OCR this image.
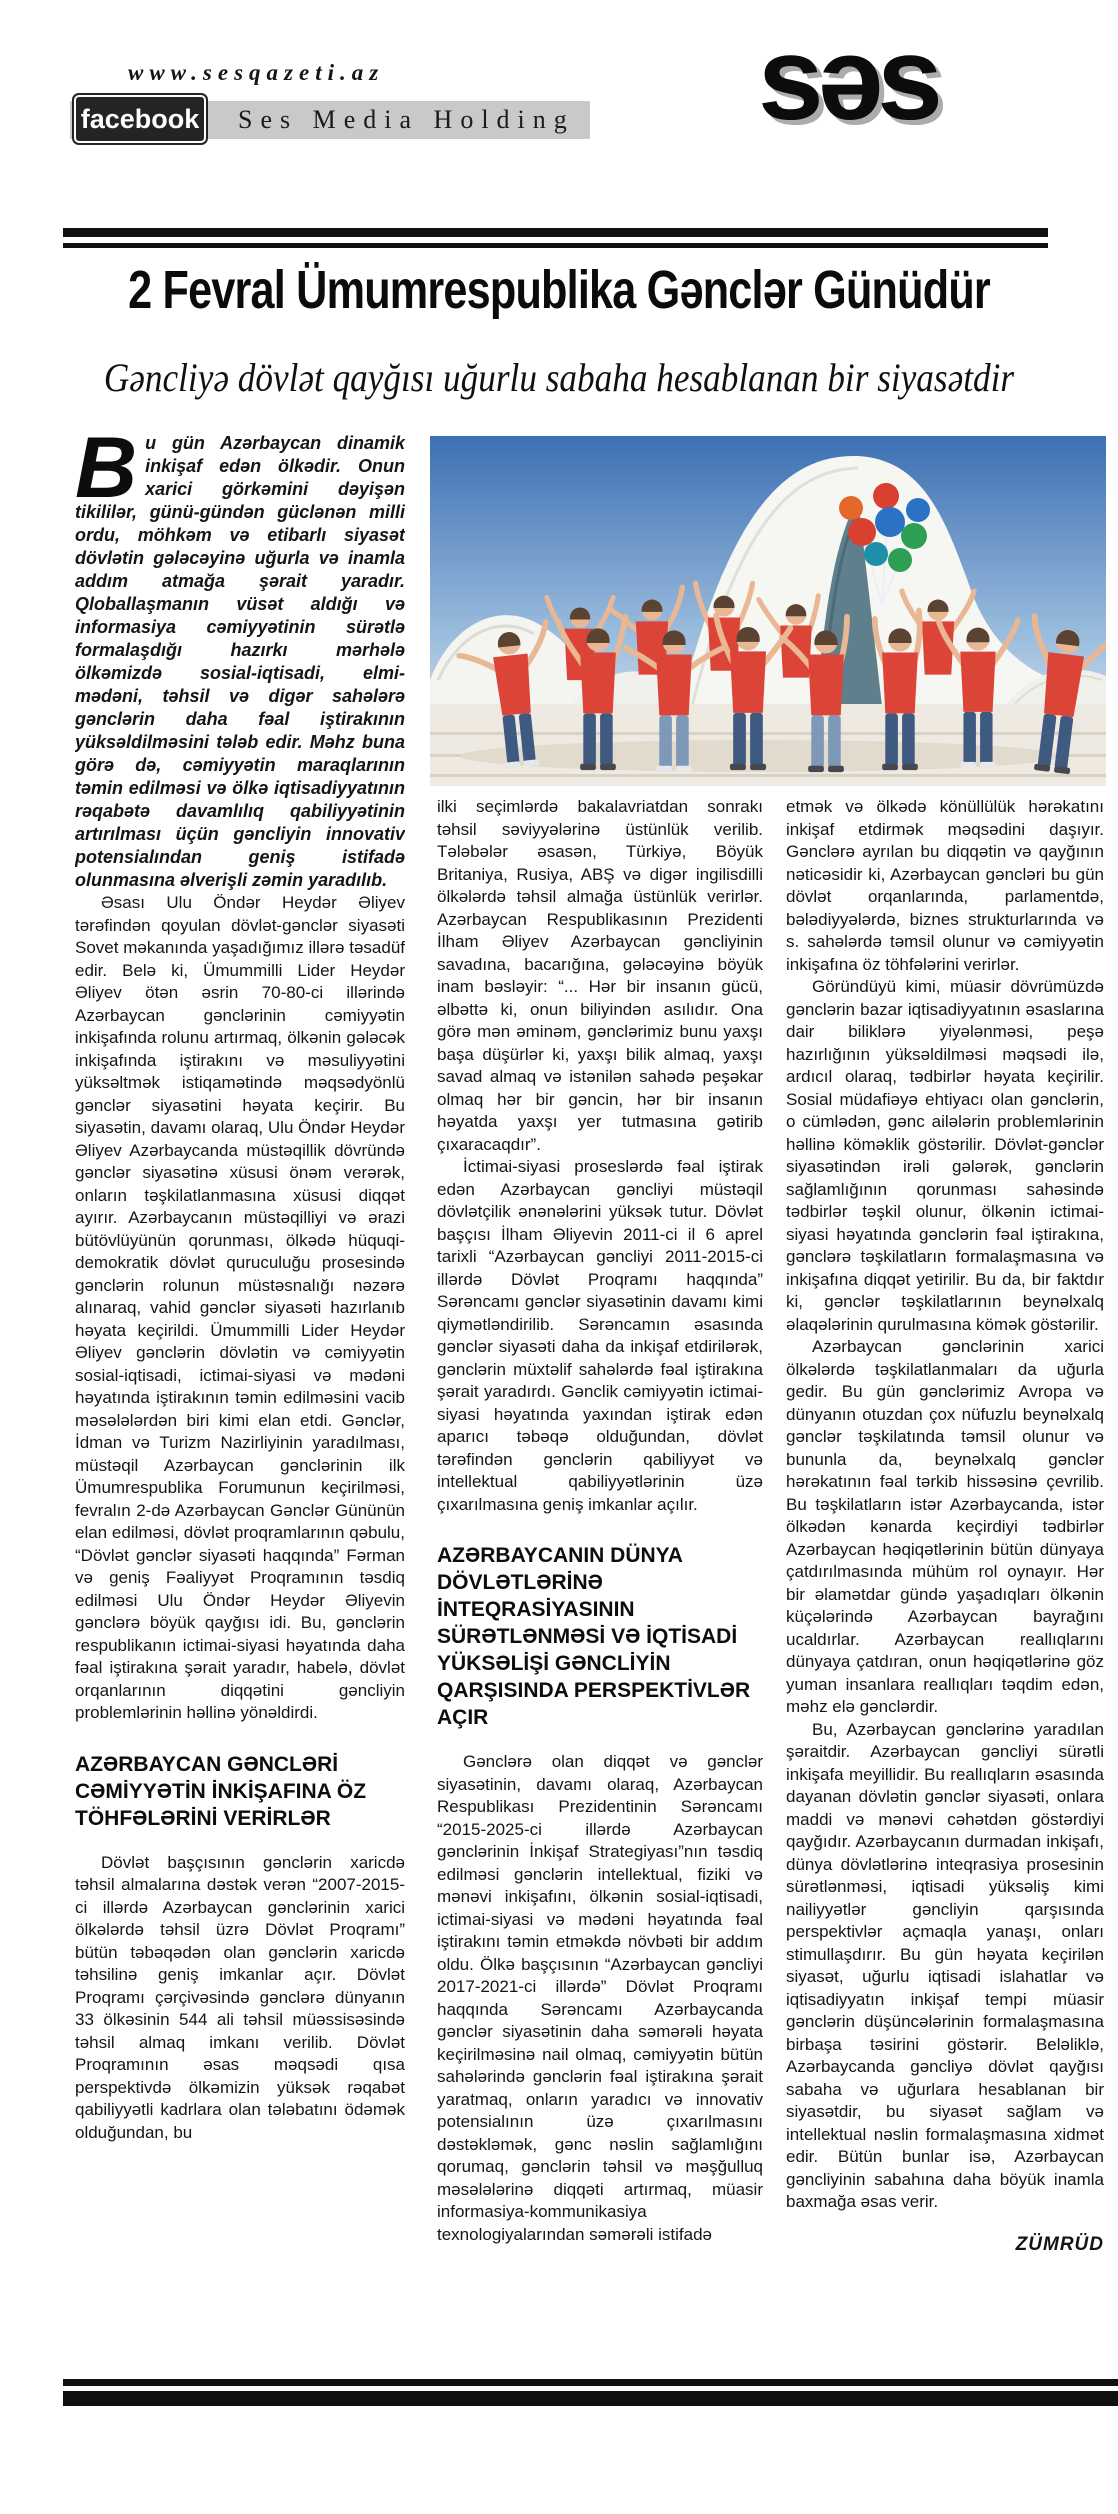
www.sesqazeti.az
Ses Media Holding
facebook	səs
2 Fevral Ümumrespublika Gənclər Günüdür
Gəncliyə dövlət qayğısı uğurlu sabaha hesablanan bir siyasətdir

Bu gün Azərbaycan dinamik inkişaf edən ölkədir. Onun xarici görkəmini dəyişən tikililər, günü-gündən güclənən milli ordu, möhkəm və etibarlı siyasət dövlətin gələcəyinə uğurla və inamla addım atmağa şərait yaradır. Qloballaşmanın vüsət aldığı və informasiya cəmiyyətinin sürətlə formalaşdığı hazırkı mərhələ ölkəmizdə sosial-iqtisadi, elmi-mədəni, təhsil və digər sahələrə gənclərin daha fəal iştirakının yüksəldilməsini tələb edir. Məhz buna görə də, cəmiyyətin maraqlarının təmin edilməsi və ölkə iqtisadiyyatının rəqabətə davamlılıq qabiliyyətinin artırılması üçün gəncliyin innovativ potensialından geniş istifadə olunmasına əlverişli zəmin yaradılıb.

Əsası Ulu Öndər Heydər Əliyev tərəfindən qoyulan dövlət-gənclər siyasəti Sovet məkanında yaşadığımız illərə təsadüf edir. Belə ki, Ümummilli Lider Heydər Əliyev ötən əsrin 70-80-ci illərində Azərbaycan gənclərinin cəmiyyətin inkişafında rolunu artırmaq, ölkənin gələcək inkişafında iştirakını və məsuliyyətini yüksəltmək istiqamətində məqsədyönlü gənclər siyasətini həyata keçirir. Bu siyasətin, davamı olaraq, Ulu Öndər Heydər Əliyev Azərbaycanda müstəqillik dövründə gənclər siyasətinə xüsusi önəm verərək, onların təşkilatlanmasına xüsusi diqqət ayırır. Azərbaycanın müstəqilliyi və ərazi bütövlüyünün qorunması, ölkədə hüquqi-demokratik dövlət quruculuğu prosesində gənclərin rolunun müstəsnalığı nəzərə alınaraq, vahid gənclər siyasəti hazırlanıb həyata keçirildi. Ümummilli Lider Heydər Əliyev gənclərin dövlətin və cəmiyyətin sosial-iqtisadi, ictimai-siyasi və mədəni həyatında iştirakının təmin edilməsini vacib məsələlərdən biri kimi elan etdi. Gənclər, İdman və Turizm Nazirliyinin yaradılması, müstəqil Azərbaycan gənclərinin ilk Ümumrespublika Forumunun keçirilməsi, fevralın 2-də Azərbaycan Gənclər Gününün elan edilməsi, dövlət proqramlarının qəbulu, “Dövlət gənclər siyasəti haqqında” Fərman və geniş Fəaliyyət Proqramının təsdiq edilməsi Ulu Öndər Heydər Əliyevin gənclərə böyük qayğısı idi. Bu, gənclərin respublikanın ictimai-siyasi həyatında daha fəal iştirakına şərait yaradır, habelə, dövlət orqanlarının diqqətini gəncliyin problemlərinin həllinə yönəldirdi.

AZƏRBAYCAN GƏNCLƏRİ CƏMİYYƏTİN İNKİŞAFINA ÖZ TÖHFƏLƏRİNİ VERİRLƏR

Dövlət başçısının gənclərin xaricdə təhsil almalarına dəstək verən “2007-2015-ci illərdə Azərbaycan gənclərinin xarici ölkələrdə təhsil üzrə Dövlət Proqramı” bütün təbəqədən olan gənclərin xaricdə təhsilinə geniş imkanlar açır. Dövlət Proqramı çərçivəsində gənclərə dünyanın 33 ölkəsinin 544 ali təhsil müəssisəsində təhsil almaq imkanı verilib. Dövlət Proqramının əsas məqsədi qısa perspektivdə ölkəmizin yüksək rəqabət qabiliyyətli kadrlara olan tələbatını ödəmək olduğundan, bu

ilki seçimlərdə bakalavriatdan sonrakı təhsil səviyyələrinə üstünlük verilib. Tələbələr əsasən, Türkiyə, Böyük Britaniya, Rusiya, ABŞ və digər ingilisdilli ölkələrdə təhsil almağa üstünlük verirlər. Azərbaycan Respublikasının Prezidenti İlham Əliyev Azərbaycan gəncliyinin savadına, bacarığına, gələcəyinə böyük inam bəsləyir: “... Hər bir insanın gücü, əlbəttə ki, onun biliyindən asılıdır. Ona görə mən əminəm, gənclərimiz bunu yaxşı başa düşürlər ki, yaxşı bilik almaq, yaxşı savad almaq və istənilən sahədə peşəkar olmaq hər bir gəncin, hər bir insanın həyatda yaxşı yer tutmasına gətirib çıxaracaqdır”.

İctimai-siyasi proseslərdə fəal iştirak edən Azərbaycan gəncliyi müstəqil dövlətçilik ənənələrini yüksək tutur. Dövlət başçısı İlham Əliyevin 2011-ci il 6 aprel tarixli “Azərbaycan gəncliyi 2011-2015-ci illərdə Dövlət Proqramı haqqında” Sərəncamı gənclər siyasətinin davamı kimi qiymətləndirilib. Sərəncamın əsasında gənclər siyasəti daha da inkişaf etdirilərək, gənclərin müxtəlif sahələrdə fəal iştirakına şərait yaradırdı. Gənclik cəmiyyətin ictimai-siyasi həyatında yaxından iştirak edən aparıcı təbəqə olduğundan, dövlət tərəfindən gənclərin qabiliyyət və intellektual qabiliyyətlərinin üzə çıxarılmasına geniş imkanlar açılır.

AZƏRBAYCANIN DÜNYA DÖVLƏTLƏRİNƏ İNTEQRASİYASININ SÜRƏTLƏNMƏSİ VƏ İQTİSADİ YÜKSƏLİŞİ GƏNCLİYİN QARŞISINDA PERSPEKTİVLƏR AÇIR

Gənclərə olan diqqət və gənclər siyasətinin, davamı olaraq, Azərbaycan Respublikası Prezidentinin Sərəncamı “2015-2025-ci illərdə Azərbaycan gənclərinin İnkişaf Strategiyası”nın təsdiq edilməsi gənclərin intellektual, fiziki və mənəvi inkişafını, ölkənin sosial-iqtisadi, ictimai-siyasi və mədəni həyatında fəal iştirakını təmin etməkdə növbəti bir addım oldu. Ölkə başçısının “Azərbaycan gəncliyi 2017-2021-ci illərdə” Dövlət Proqramı haqqında Sərəncamı Azərbaycanda gənclər siyasətinin daha səmərəli həyata keçirilməsinə nail olmaq, cəmiyyətin bütün sahələrində gənclərin fəal iştirakına şərait yaratmaq, onların yaradıcı və innovativ potensialının üzə çıxarılmasını dəstəkləmək, gənc nəslin sağlamlığını qorumaq, gənclərin təhsil və məşğulluq məsələlərinə diqqəti artırmaq, müasir informasiya-kommunikasiya texnologiyalarından səmərəli istifadə

etmək və ölkədə könüllülük hərəkatını inkişaf etdirmək məqsədini daşıyır. Gənclərə ayrılan bu diqqətin və qayğının nəticəsidir ki, Azərbaycan gəncləri bu gün dövlət orqanlarında, parlamentdə, bələdiyyələrdə, biznes strukturlarında və s. sahələrdə təmsil olunur və cəmiyyətin inkişafına öz töhfələrini verirlər.

Göründüyü kimi, müasir dövrümüzdə gənclərin bazar iqtisadiyyatının əsaslarına dair biliklərə yiyələnməsi, peşə hazırlığının yüksəldilməsi məqsədi ilə, ardıcıl olaraq, tədbirlər həyata keçirilir. Sosial müdafiəyə ehtiyacı olan gənclərin, o cümlədən, gənc ailələrin problemlərinin həllinə köməklik göstərilir. Dövlət-gənclər siyasətindən irəli gələrək, gənclərin sağlamlığının qorunması sahəsində tədbirlər təşkil olunur, ölkənin ictimai-siyasi həyatında gənclərin fəal iştirakına, gənclərə təşkilatların formalaşmasına və inkişafına diqqət yetirilir. Bu da, bir faktdır ki, gənclər təşkilatlarının beynəlxalq əlaqələrinin qurulmasına kömək göstərilir.

Azərbaycan gənclərinin xarici ölkələrdə təşkilatlanmaları da uğurla gedir. Bu gün gənclərimiz Avropa və dünyanın otuzdan çox nüfuzlu beynəlxalq gənclər təşkilatında təmsil olunur və bununla da, beynəlxalq gənclər hərəkatının fəal tərkib hissəsinə çevrilib. Bu təşkilatların istər Azərbaycanda, istər ölkədən kənarda keçirdiyi tədbirlər Azərbaycan həqiqətlərinin bütün dünyaya çatdırılmasında mühüm rol oynayır. Hər bir əlamətdar gündə yaşadıqları ölkənin küçələrində Azərbaycan bayrağını ucaldırlar. Azərbaycan reallıqlarını dünyaya çatdıran, onun həqiqətlərinə göz yuman insanlara reallıqları təqdim edən, məhz elə gənclərdir.

Bu, Azərbaycan gənclərinə yaradılan şəraitdir. Azərbaycan gəncliyi sürətli inkişafa meyillidir. Bu reallıqların əsasında dayanan dövlətin gənclər siyasəti, onlara maddi və mənəvi cəhətdən göstərdiyi qayğıdır. Azərbaycanın durmadan inkişafı, dünya dövlətlərinə inteqrasiya prosesinin sürətlənməsi, iqtisadi yüksəliş kimi nailiyyətlər gəncliyin qarşısında perspektivlər açmaqla yanaşı, onları stimullaşdırır. Bu gün həyata keçirilən siyasət, uğurlu iqtisadi islahatlar və iqtisadiyyatın inkişaf tempi müasir gənclərin düşüncələrinin formalaşmasına birbaşa təsirini göstərir. Beləliklə, Azərbaycanda gəncliyə dövlət qayğısı sabaha və uğurlara hesablanan bir siyasətdir, bu siyasət sağlam və intellektual nəslin formalaşmasına xidmət edir. Bütün bunlar isə, Azərbaycan gəncliyinin sabahına daha böyük inamla baxmağa əsas verir.

ZÜMRÜD
